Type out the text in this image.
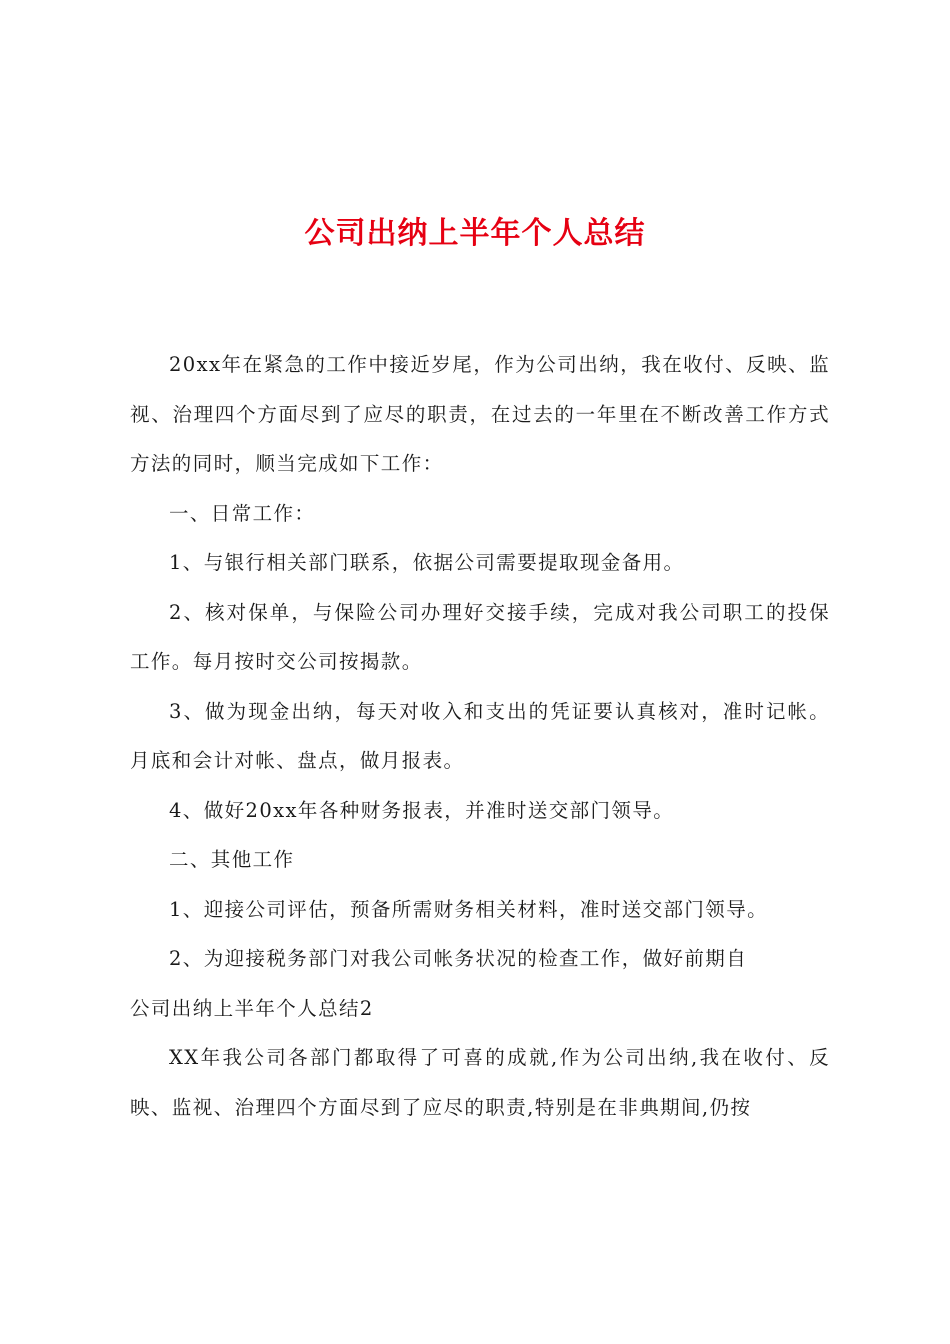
公司出纳上半年个人总结

20xx年在紧急的工作中接近岁尾，作为公司出纳，我在收付、反映、监视、治理四个方面尽到了应尽的职责，在过去的一年里在不断改善工作方式方法的同时，顺当完成如下工作：

一、日常工作：

1、与银行相关部门联系，依据公司需要提取现金备用。

2、核对保单，与保险公司办理好交接手续，完成对我公司职工的投保工作。每月按时交公司按揭款。

3、做为现金出纳，每天对收入和支出的凭证要认真核对，准时记帐。月底和会计对帐、盘点，做月报表。

4、做好20xx年各种财务报表，并准时送交部门领导。

二、其他工作

1、迎接公司评估，预备所需财务相关材料，准时送交部门领导。

2、为迎接税务部门对我公司帐务状况的检查工作，做好前期自

公司出纳上半年个人总结2

XX年我公司各部门都取得了可喜的成就,作为公司出纳,我在收付、反映、监视、治理四个方面尽到了应尽的职责,特别是在非典期间,仍按
